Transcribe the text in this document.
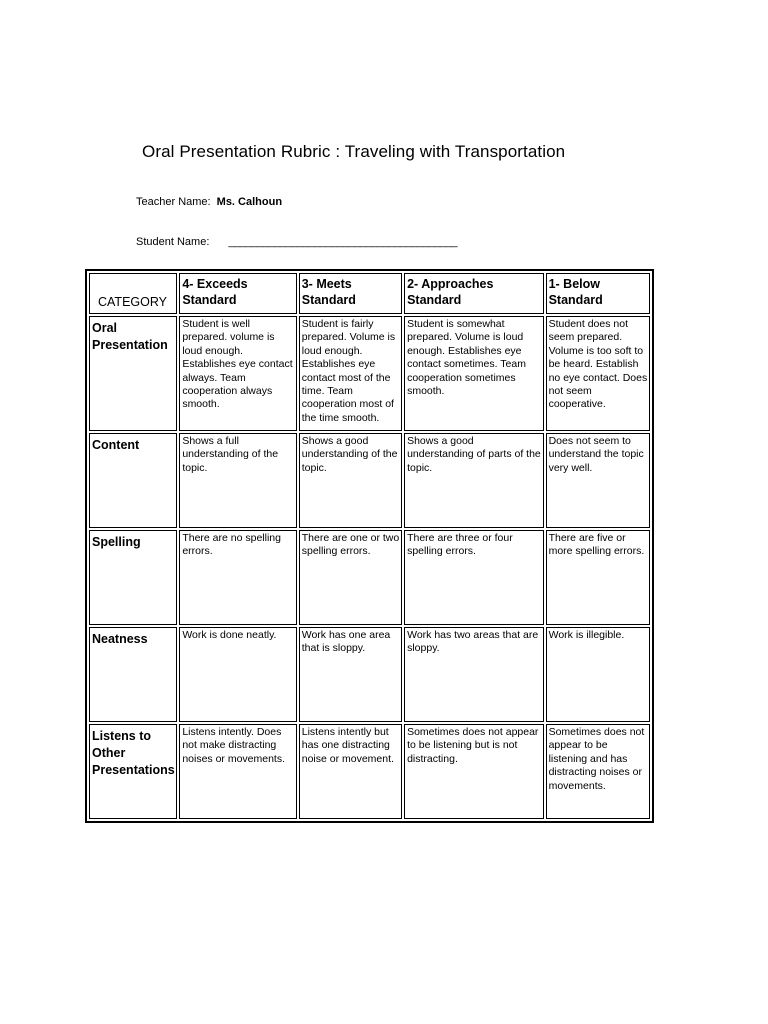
Oral Presentation Rubric : Traveling with Transportation
Teacher Name: Ms. Calhoun
Student Name: ________________________________________
CATEGORY	4- Exceeds Standard	3- Meets Standard	2- Approaches Standard	1- Below Standard
Oral Presentation	Student is well prepared. volume is loud enough. Establishes eye contact always. Team cooperation always smooth.	Student is fairly prepared. Volume is loud enough. Establishes eye contact most of the time. Team cooperation most of the time smooth.	Student is somewhat prepared. Volume is loud enough. Establishes eye contact sometimes. Team cooperation sometimes smooth.	Student does not seem prepared. Volume is too soft to be heard. Establish no eye contact. Does not seem cooperative.
Content	Shows a full understanding of the topic.	Shows a good understanding of the topic.	Shows a good understanding of parts of the topic.	Does not seem to understand the topic very well.
Spelling	There are no spelling errors.	There are one or two spelling errors.	There are three or four spelling errors.	There are five or more spelling errors.
Neatness	Work is done neatly.	Work has one area that is sloppy.	Work has two areas that are sloppy.	Work is illegible.
Listens to Other Presentations	Listens intently. Does not make distracting noises or movements.	Listens intently but has one distracting noise or movement.	Sometimes does not appear to be listening but is not distracting.	Sometimes does not appear to be listening and has distracting noises or movements.
